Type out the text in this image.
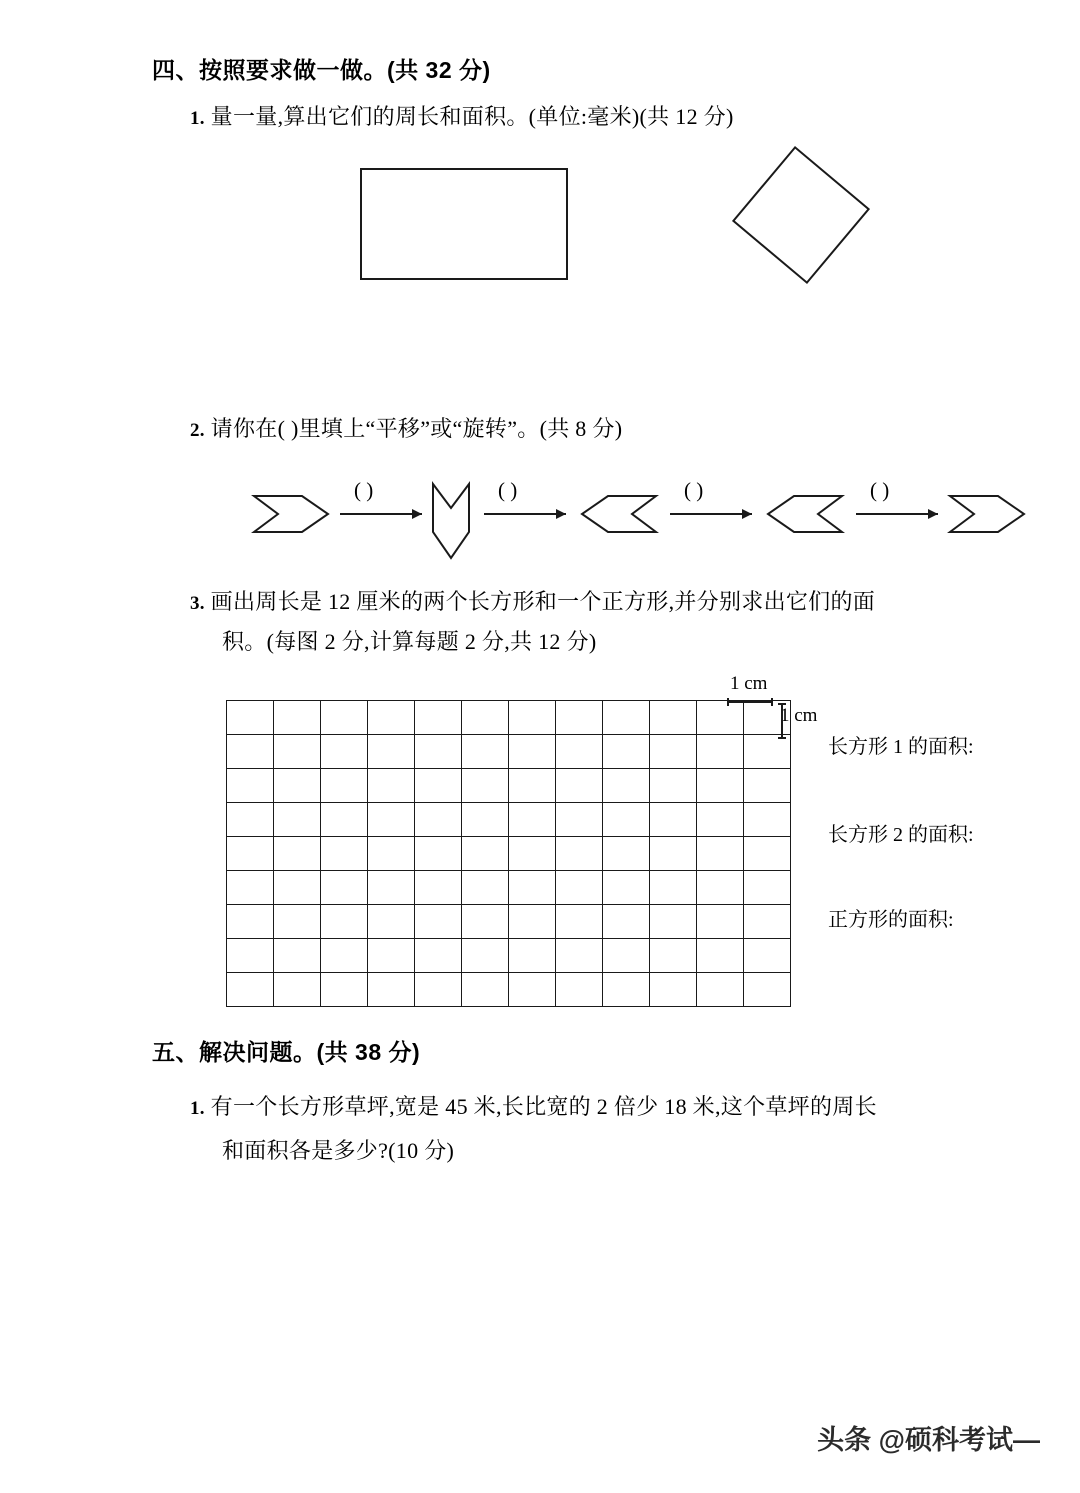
四、按照要求做一做。(共 32 分)
1. 量一量,算出它们的周长和面积。(单位:毫米)(共 12 分)
2. 请你在( )里填上“平移”或“旋转”。(共 8 分)
( )	( )	( )	( )
3. 画出周长是 12 厘米的两个长方形和一个正方形,并分别求出它们的面
积。(每图 2 分,计算每题 2 分,共 12 分)
1 cm
1 cm

长方形 1 的面积:
长方形 2 的面积:
正方形的面积:
五、解决问题。(共 38 分)
1. 有一个长方形草坪,宽是 45 米,长比宽的 2 倍少 18 米,这个草坪的周长
和面积各是多少?(10 分)
头条 @硕科考试—
